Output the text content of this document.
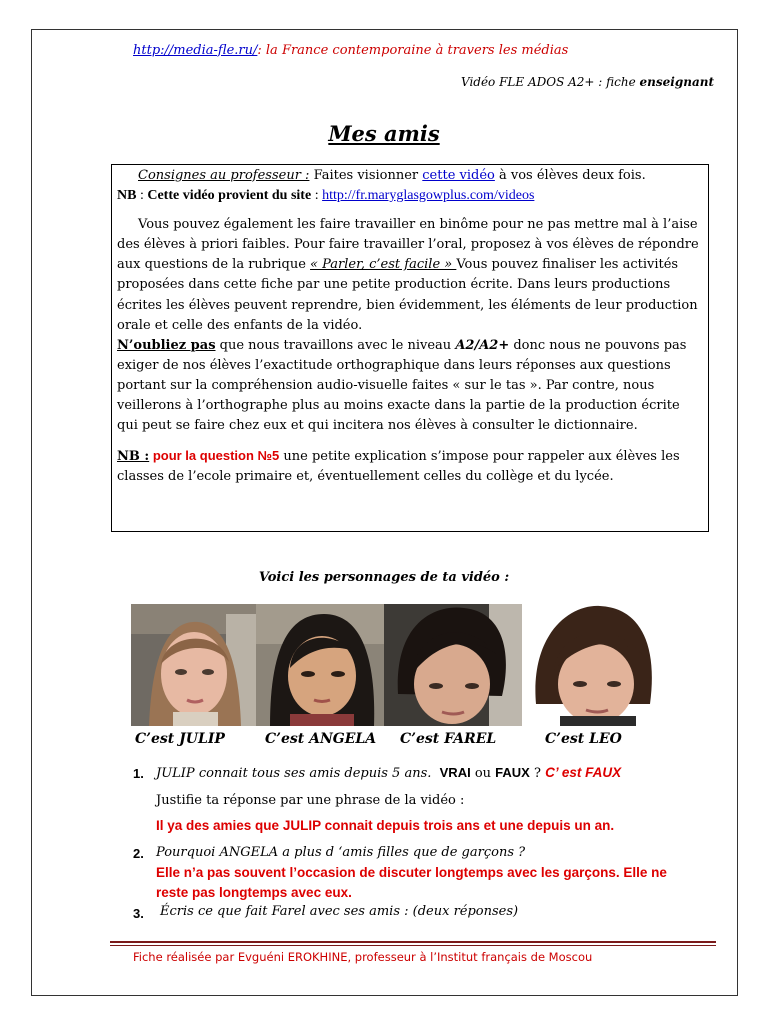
http://media-fle.ru/: la France contemporaine à travers les médias
Vidéo FLE ADOS A2+ : fiche enseignant
Mes amis

Consignes au professeur : Faites visionner cette vidéo à vos élèves deux fois.

NB : Cette vidéo provient du site : http://fr.maryglasgowplus.com/videos

Vous pouvez également les faire travailler en binôme pour ne pas mettre mal à l’aise des élèves à priori faibles. Pour faire travailler l’oral, proposez à vos élèves de répondre aux questions de la rubrique « Parler, c’est facile » Vous pouvez finaliser les activités proposées dans cette fiche par une petite production écrite. Dans leurs productions écrites les élèves peuvent reprendre, bien évidemment, les éléments de leur production orale et celle des enfants de la vidéo.

N’oubliez pas que nous travaillons avec le niveau A2/A2+ donc nous ne pouvons pas exiger de nos élèves l’exactitude orthographique dans leurs réponses aux questions portant sur la compréhension audio-visuelle faites « sur le tas ». Par contre, nous veillerons à l’orthographe plus au moins exacte dans la partie de la production écrite qui peut se faire chez eux et qui incitera nos élèves à consulter le dictionnaire.

NB : pour la question №5 une petite explication s’impose pour rappeler aux élèves les classes de l’ecole primaire et, éventuellement celles du collège et du lycée.

Voici les personnages de ta vidéo :
C’est JULIP	C’est ANGELA C’est FAREL	C’est LEO
1. JULIP connait tous ses amis depuis 5 ans. VRAI ou FAUX ? C’ est FAUX
Justifie ta réponse par une phrase de la vidéo :
Il ya des amies que JULIP connait depuis trois ans et une depuis un an.
2. Pourquoi ANGELA a plus d ‘amis filles que de garçons ?
Elle n’a pas souvent l’occasion de discuter longtemps avec les garçons. Elle ne
reste pas longtemps avec eux.
3. Écris ce que fait Farel avec ses amis : (deux réponses)
Fiche réalisée par Evguéni EROKHINE, professeur à l’Institut français de Moscou
